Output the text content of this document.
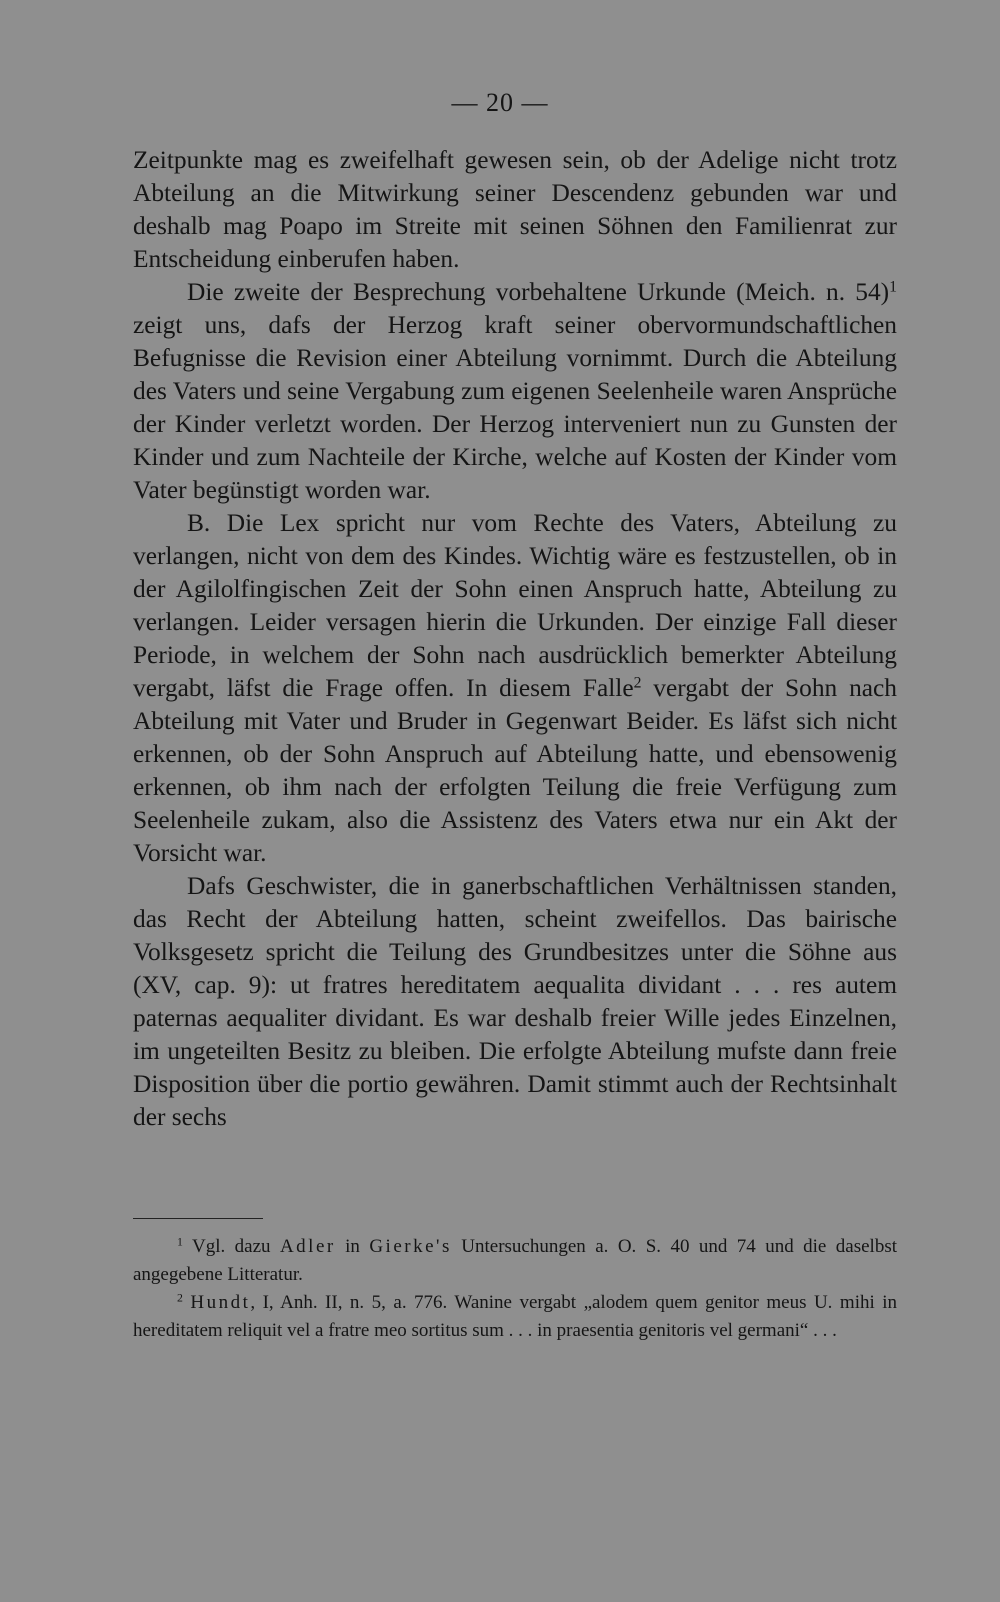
— 20 —

Zeitpunkte mag es zweifelhaft gewesen sein, ob der Adelige nicht trotz Abteilung an die Mitwirkung seiner Descendenz gebunden war und deshalb mag Poapo im Streite mit seinen Söhnen den Familienrat zur Entscheidung einberufen haben.

Die zweite der Besprechung vorbehaltene Urkunde (Meich. n. 54)$^1$ zeigt uns, dafs der Herzog kraft seiner obervormundschaftlichen Befugnisse die Revision einer Abteilung vornimmt. Durch die Abteilung des Vaters und seine Vergabung zum eigenen Seelenheile waren Ansprüche der Kinder verletzt worden. Der Herzog interveniert nun zu Gunsten der Kinder und zum Nachteile der Kirche, welche auf Kosten der Kinder vom Vater begünstigt worden war.

B. Die Lex spricht nur vom Rechte des Vaters, Abteilung zu verlangen, nicht von dem des Kindes. Wichtig wäre es festzustellen, ob in der Agilolfingischen Zeit der Sohn einen Anspruch hatte, Abteilung zu verlangen. Leider versagen hierin die Urkunden. Der einzige Fall dieser Periode, in welchem der Sohn nach ausdrücklich bemerkter Abteilung vergabt, läfst die Frage offen. In diesem Falle$^2$ vergabt der Sohn nach Abteilung mit Vater und Bruder in Gegenwart Beider. Es läfst sich nicht erkennen, ob der Sohn Anspruch auf Abteilung hatte, und ebensowenig erkennen, ob ihm nach der erfolgten Teilung die freie Verfügung zum Seelenheile zukam, also die Assistenz des Vaters etwa nur ein Akt der Vorsicht war.

Dafs Geschwister, die in ganerbschaftlichen Verhältnissen standen, das Recht der Abteilung hatten, scheint zweifellos. Das bairische Volksgesetz spricht die Teilung des Grundbesitzes unter die Söhne aus (XV, cap. 9): ut fratres hereditatem aequalita dividant . . . res autem paternas aequaliter dividant. Es war deshalb freier Wille jedes Einzelnen, im ungeteilten Besitz zu bleiben. Die erfolgte Abteilung mufste dann freie Disposition über die portio gewähren. Damit stimmt auch der Rechtsinhalt der sechs

$^1$ Vgl. dazu Adler in Gierke's Untersuchungen a. O. S. 40 und 74 und die daselbst angegebene Litteratur.

$^2$ Hundt, I, Anh. II, n. 5, a. 776. Wanine vergabt „alodem quem genitor meus U. mihi in hereditatem reliquit vel a fratre meo sortitus sum . . . in praesentia genitoris vel germani“ . . .
